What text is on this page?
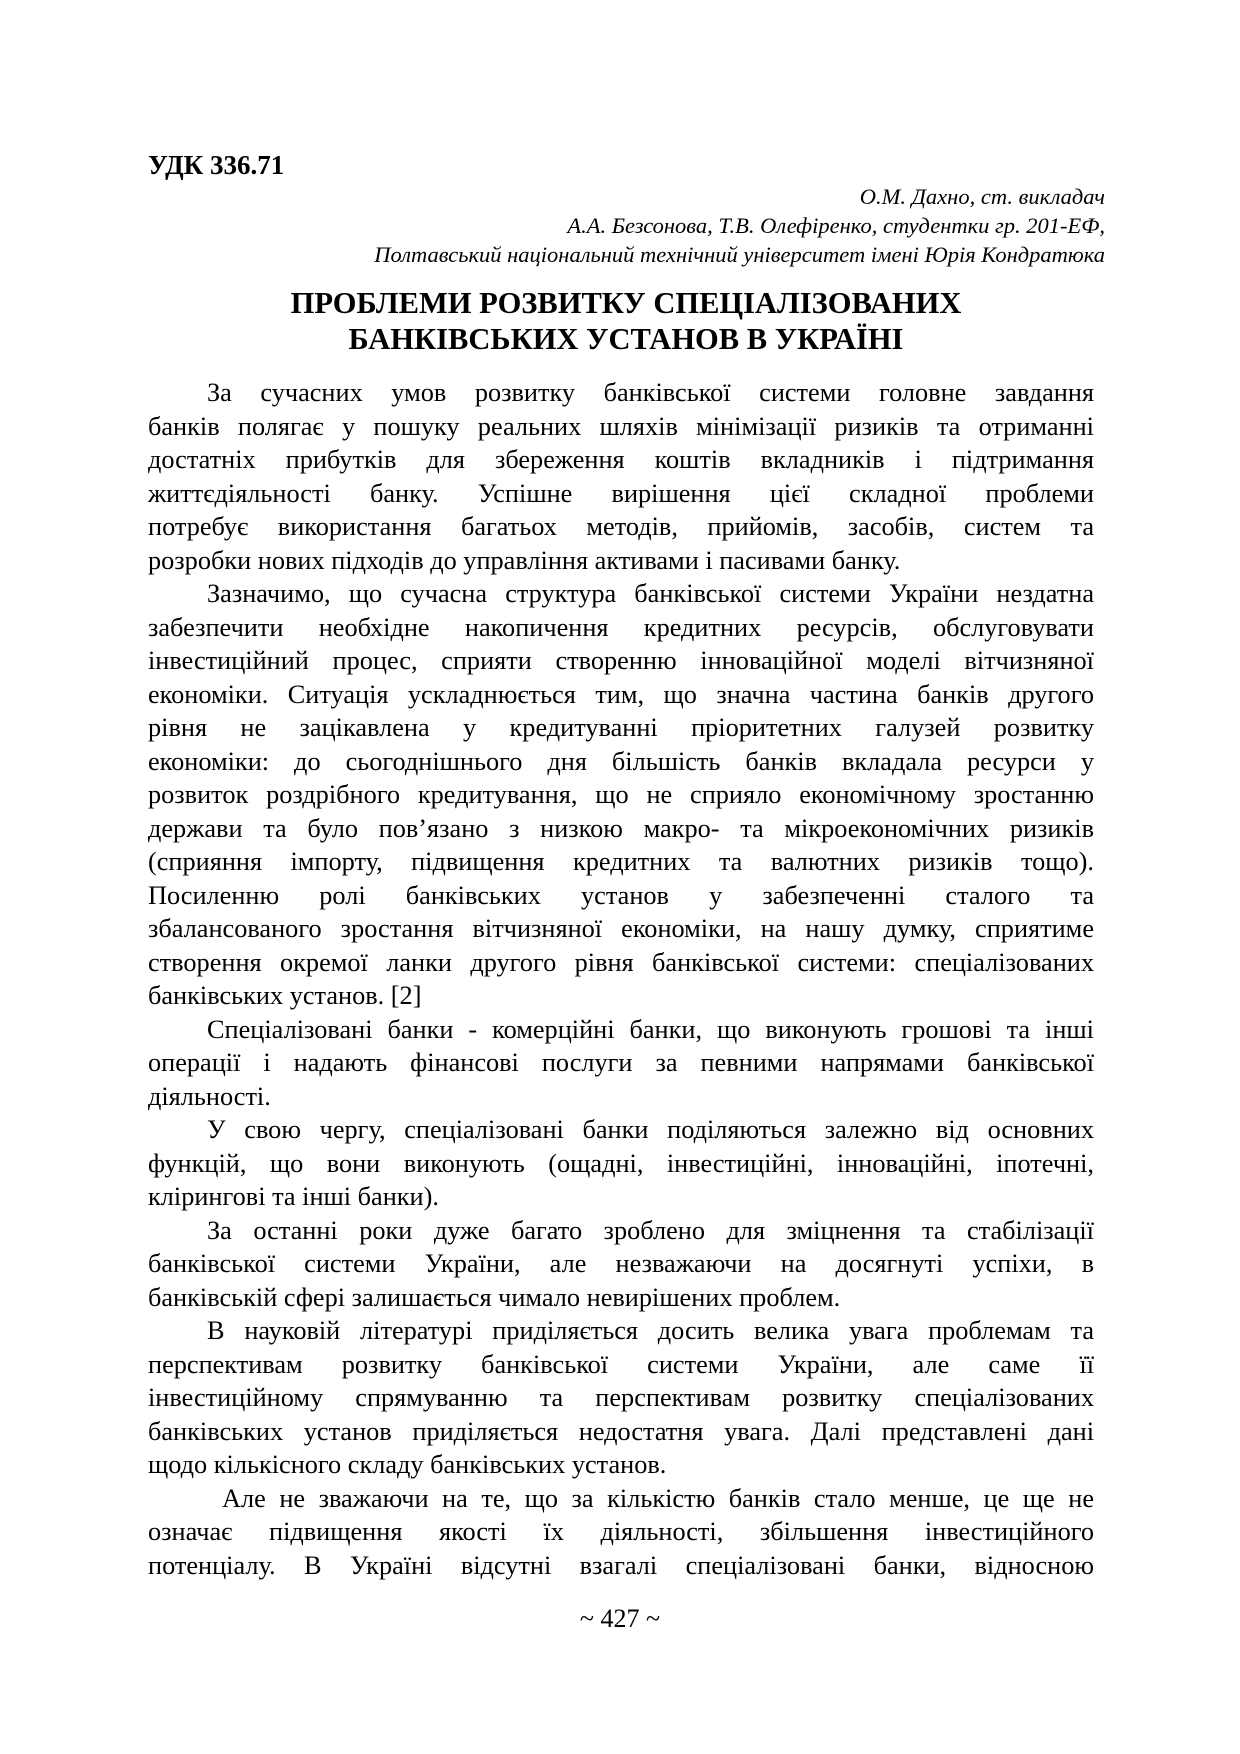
УДК 336.71

О.М. Дахно, ст. викладач
А.А. Безсонова, Т.В. Олефіренко, студентки гр. 201-ЕФ,
Полтавський національний технічний університет імені Юрія Кондратюка
ПРОБЛЕМИ РОЗВИТКУ СПЕЦІАЛІЗОВАНИХ
БАНКІВСЬКИХ УСТАНОВ В УКРАЇНІ
За сучасних умов розвитку банківської системи головне завдання
банків полягає у пошуку реальних шляхів мінімізації ризиків та отриманні
достатніх прибутків для збереження коштів вкладників і підтримання
життєдіяльності банку. Успішне вирішення цієї складної проблеми
потребує використання багатьох методів, прийомів, засобів, систем та
розробки нових підходів до управління активами і пасивами банку.
Зазначимо, що сучасна структура банківської системи України нездатна
забезпечити необхідне накопичення кредитних ресурсів, обслуговувати
інвестиційний процес, сприяти створенню інноваційної моделі вітчизняної
економіки. Ситуація ускладнюється тим, що значна частина банків другого
рівня не зацікавлена у кредитуванні пріоритетних галузей розвитку
економіки: до сьогоднішнього дня більшість банків вкладала ресурси у
розвиток роздрібного кредитування, що не сприяло економічному зростанню
держави та було пов’язано з низкою макро- та мікроекономічних ризиків
(сприяння імпорту, підвищення кредитних та валютних ризиків тощо).
Посиленню ролі банківських установ у забезпеченні сталого та
збалансованого зростання вітчизняної економіки, на нашу думку, сприятиме
створення окремої ланки другого рівня банківської системи: спеціалізованих
банківських установ. [2]
Спеціалізовані банки - комерційні банки, що виконують грошові та інші
операції і надають фінансові послуги за певними напрямами банківської
діяльності.
У свою чергу, спеціалізовані банки поділяються залежно від основних
функцій, що вони виконують (ощадні, інвестиційні, інноваційні, іпотечні,
клірингові та інші банки).
За останні роки дуже багато зроблено для зміцнення та стабілізації
банківської системи України, але незважаючи на досягнуті успіхи, в
банківській сфері залишається чимало невирішених проблем.
В науковій літературі приділяється досить велика увага проблемам та
перспективам розвитку банківської системи України, але саме її
інвестиційному спрямуванню та перспективам розвитку спеціалізованих
банківських установ приділяється недостатня увага. Далі представлені дані
щодо кількісного складу банківських установ.
Але не зважаючи на те, що за кількістю банків стало менше, це ще не
означає підвищення якості їх діяльності, збільшення інвестиційного
потенціалу. В Україні відсутні взагалі спеціалізовані банки, відносною
~ 427 ~
